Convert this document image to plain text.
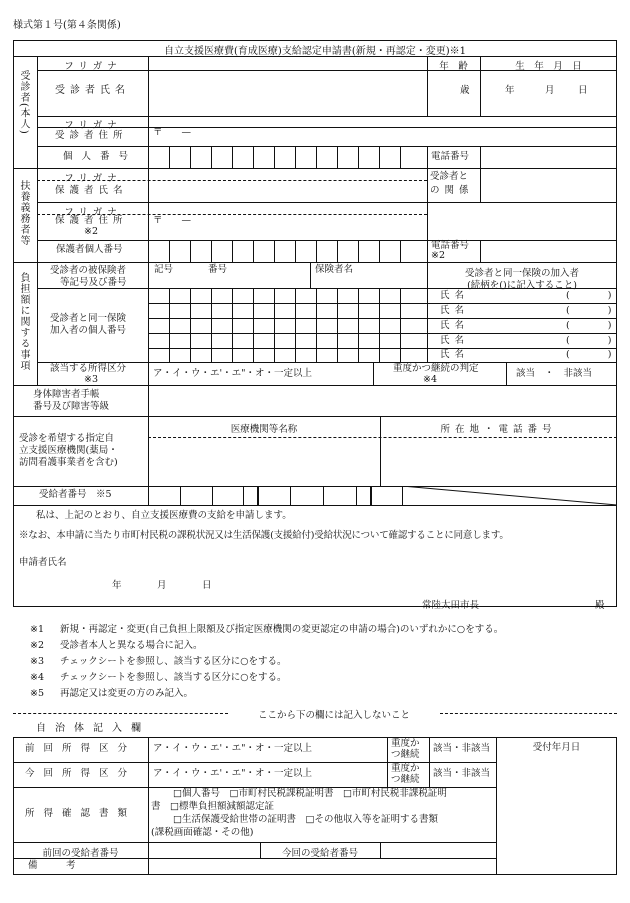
様式第１号(第４条関係)
自立支援医療費(育成医療)支給認定申請書(新規・再認定・変更)※1
受診者(本人)
フリガナ	年　齢	生　年　月　日
受診者氏名	歳	年	月 日
フリガナ
受診者住所	〒　　—
個人番号	電話番号
扶養義務者等
フリガナ	受診者と
の関係
保護者氏名
フリガナ
保護者住所
※2
〒　　—
保護者個人番号	電話番号
※2
負担額に関する事項
受診者の被保険者
等記号及び番号
記号	番号	保険者名	受診者と同一保険の加入者
(続柄を()に記入すること)
受診者と同一保険
加入者の個人番号
氏名	(　　　　)
氏名	(　　　　)
氏名	(　　　　)
氏名	(　　　　)
氏名	(　　　　)
該当する所得区分
※3
ア・イ・ウ・エ'・エ"・オ・一定以上	重度かつ継続の判定
※4
該当　・　非該当
身体障害者手帳
番号及び障害等級
受診を希望する指定自
立支援医療機関(薬局・
訪問看護事業者を含む)
医療機関等名称	所在地・電話番号
受給者番号　※5
私は、上記のとおり、自立支援医療費の支給を申請します。
※なお、本申請に当たり市町村民税の課税状況又は生活保護(支援給付)受給状況について確認することに同意します。
申請者氏名
年	月	日
常陸太田市長	殿
※1 新規・再認定・変更(自己負担上限額及び指定医療機関の変更認定の申請の場合)のいずれかに○をする。
※2 受診者本人と異なる場合に記入。
※3 チェックシートを参照し、該当する区分に○をする。
※4 チェックシートを参照し、該当する区分に○をする。
※5 再認定又は変更の方のみ記入。
ここから下の欄には記入しないこと
自治体記入欄
前回所得区分 ア・イ・ウ・エ'・エ"・オ・一定以上	重度か
つ継続
該当・非該当	受付年月日
今回所得区分 ア・イ・ウ・エ'・エ"・オ・一定以上	重度か
つ継続
該当・非該当
所得確認書類
□個人番号　□市町村民税課税証明書　□市町村民税非課税証明
書　□標準負担額減額認定証
□生活保護受給世帯の証明書　□その他収入等を証明する書類
(課税画面確認・その他)
前回の受給者番号	今回の受給者番号
備　　　考
